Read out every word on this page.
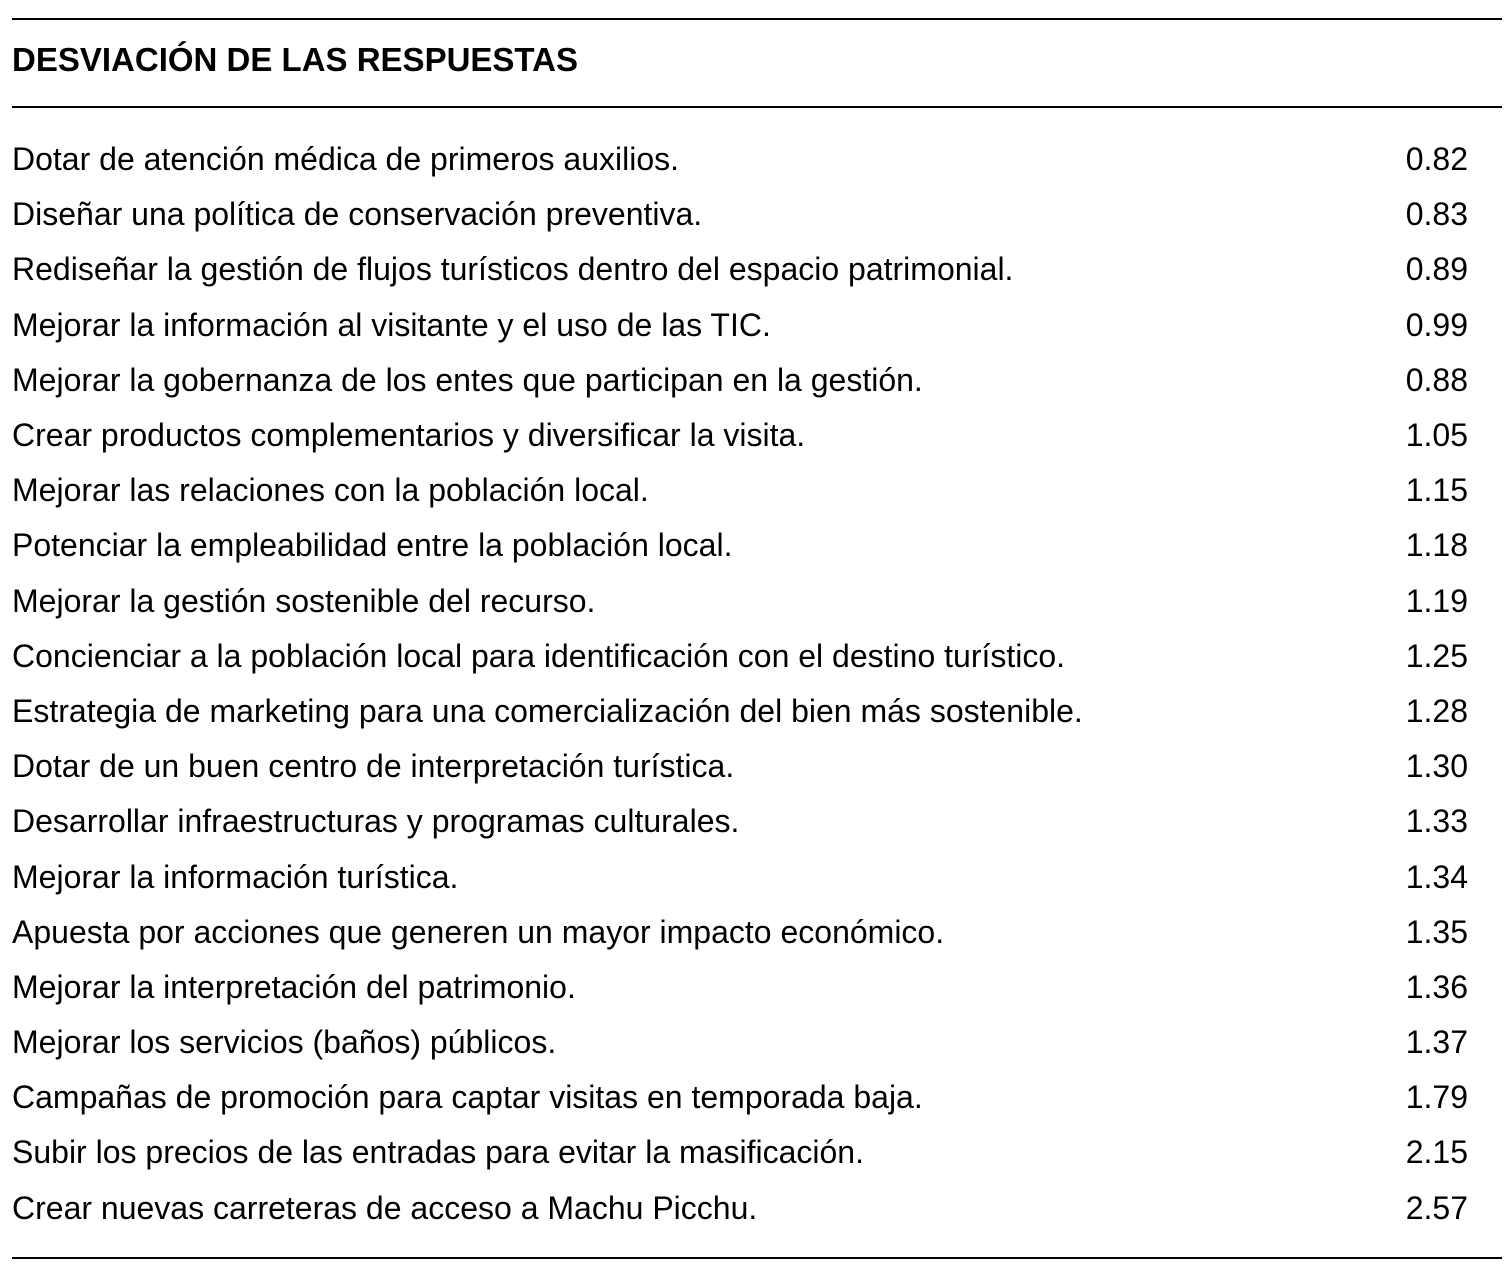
DESVIACIÓN DE LAS RESPUESTAS
Dotar de atención médica de primeros auxilios.	0.82
Diseñar una política de conservación preventiva.	0.83
Rediseñar la gestión de flujos turísticos dentro del espacio patrimonial.	0.89
Mejorar la información al visitante y el uso de las TIC.	0.99
Mejorar la gobernanza de los entes que participan en la gestión.	0.88
Crear productos complementarios y diversificar la visita.	1.05
Mejorar las relaciones con la población local.	1.15
Potenciar la empleabilidad entre la población local.	1.18
Mejorar la gestión sostenible del recurso.	1.19
Concienciar a la población local para identificación con el destino turístico.	1.25
Estrategia de marketing para una comercialización del bien más sostenible.	1.28
Dotar de un buen centro de interpretación turística.	1.30
Desarrollar infraestructuras y programas culturales.	1.33
Mejorar la información turística.	1.34
Apuesta por acciones que generen un mayor impacto económico.	1.35
Mejorar la interpretación del patrimonio.	1.36
Mejorar los servicios (baños) públicos.	1.37
Campañas de promoción para captar visitas en temporada baja.	1.79
Subir los precios de las entradas para evitar la masificación.	2.15
Crear nuevas carreteras de acceso a Machu Picchu.	2.57
